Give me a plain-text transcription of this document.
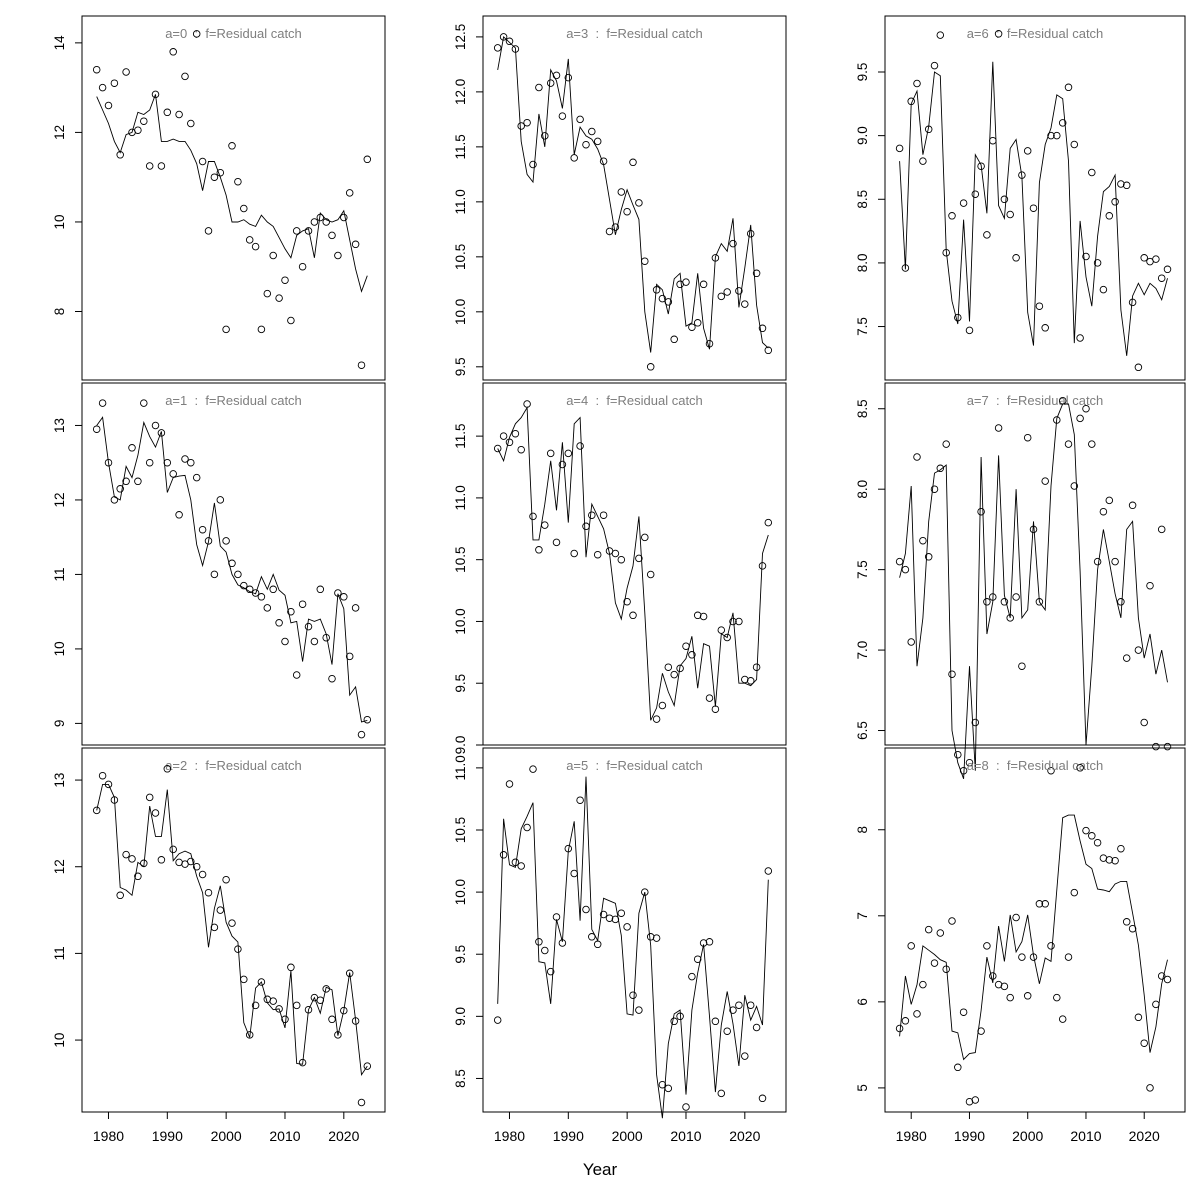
a=0  :  f=Residual catch
8
10
12
14
a=3  :  f=Residual catch
9.5
10.0
10.5
11.0
11.5
12.0
12.5	a=6  :  f=Residual catch
7.5
8.0
8.5
9.0
9.5
a=1  :  f=Residual catch
9
10
11
12
13
a=4  :  f=Residual catch
9.0
9.5
10.0
10.5
11.0
11.5
a=7  :  f=Residual catch
6.5
7.0
7.5
8.0
8.5
a=2  :  f=Residual catch
10
11
12
13
1980 1990 2000 2010 2020
a=5  :  f=Residual catch
8.5
9.0
9.5
10.0
10.5
11.0
1980 1990 2000 2010 2020
a=8  :  f=Residual catch
5
6
7
8
1980 1990 2000 2010 2020
Year
